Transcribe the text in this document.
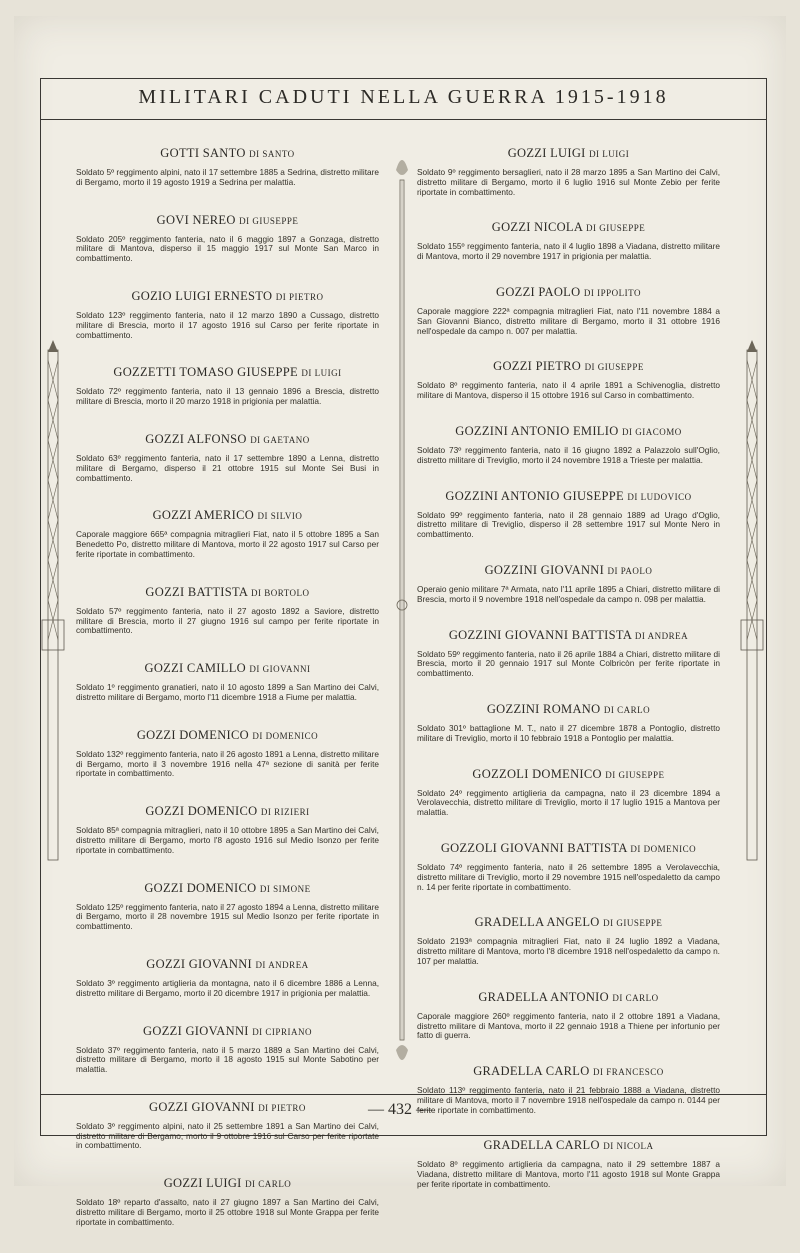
MILITARI CADUTI NELLA GUERRA 1915-1918
GOTTI SANTO DI SANTO

Soldato 5º reggimento alpini, nato il 17 settembre 1885 a Sedrina, distretto militare di Bergamo, morto il 19 agosto 1919 a Sedrina per malattia.

GOVI NEREO DI GIUSEPPE

Soldato 205º reggimento fanteria, nato il 6 maggio 1897 a Gonzaga, distretto militare di Mantova, disperso il 15 maggio 1917 sul Monte San Marco in combattimento.

GOZIO LUIGI ERNESTO DI PIETRO

Soldato 123º reggimento fanteria, nato il 12 marzo 1890 a Cussago, distretto militare di Brescia, morto il 17 agosto 1916 sul Carso per ferite riportate in combattimento.

GOZZETTI TOMASO GIUSEPPE DI LUIGI

Soldato 72º reggimento fanteria, nato il 13 gennaio 1896 a Brescia, distretto militare di Brescia, morto il 20 marzo 1918 in prigionia per malattia.

GOZZI ALFONSO DI GAETANO

Soldato 63º reggimento fanteria, nato il 17 settembre 1890 a Lenna, distretto militare di Bergamo, disperso il 21 ottobre 1915 sul Monte Sei Busi in combattimento.

GOZZI AMERICO DI SILVIO

Caporale maggiore 665ª compagnia mitraglieri Fiat, nato il 5 ottobre 1895 a San Benedetto Po, distretto militare di Mantova, morto il 22 agosto 1917 sul Carso per ferite riportate in combattimento.

GOZZI BATTISTA DI BORTOLO

Soldato 57º reggimento fanteria, nato il 27 agosto 1892 a Saviore, distretto militare di Brescia, morto il 27 giugno 1916 sul campo per ferite riportate in combattimento.

GOZZI CAMILLO DI GIOVANNI

Soldato 1º reggimento granatieri, nato il 10 agosto 1899 a San Martino dei Calvi, distretto militare di Bergamo, morto l'11 dicembre 1918 a Fiume per malattia.

GOZZI DOMENICO DI DOMENICO

Soldato 132º reggimento fanteria, nato il 26 agosto 1891 a Lenna, distretto militare di Bergamo, morto il 3 novembre 1916 nella 47ª sezione di sanità per ferite riportate in combattimento.

GOZZI DOMENICO DI RIZIERI

Soldato 85ª compagnia mitraglieri, nato il 10 ottobre 1895 a San Martino dei Calvi, distretto militare di Bergamo, morto l'8 agosto 1916 sul Medio Isonzo per ferite riportate in combattimento.

GOZZI DOMENICO DI SIMONE

Soldato 125º reggimento fanteria, nato il 27 agosto 1894 a Lenna, distretto militare di Bergamo, morto il 28 novembre 1915 sul Medio Isonzo per ferite riportate in combattimento.

GOZZI GIOVANNI DI ANDREA

Soldato 3º reggimento artiglieria da montagna, nato il 6 dicembre 1886 a Lenna, distretto militare di Bergamo, morto il 20 dicembre 1917 in prigionia per malattia.

GOZZI GIOVANNI DI CIPRIANO

Soldato 37º reggimento fanteria, nato il 5 marzo 1889 a San Martino dei Calvi, distretto militare di Bergamo, morto il 18 agosto 1915 sul Monte Sabotino per malattia.

GOZZI GIOVANNI DI PIETRO

Soldato 3º reggimento alpini, nato il 25 settembre 1891 a San Martino dei Calvi, distretto militare di Bergamo, morto il 9 ottobre 1916 sul Carso per ferite riportate in combattimento.

GOZZI LUIGI DI CARLO

Soldato 18º reparto d'assalto, nato il 27 giugno 1897 a San Martino dei Calvi, distretto militare di Bergamo, morto il 25 ottobre 1918 sul Monte Grappa per ferite riportate in combattimento.

GOZZI LUIGI DI LUIGI

Soldato 9º reggimento bersaglieri, nato il 28 marzo 1895 a San Martino dei Calvi, distretto militare di Bergamo, morto il 6 luglio 1916 sul Monte Zebio per ferite riportate in combattimento.

GOZZI NICOLA DI GIUSEPPE

Soldato 155º reggimento fanteria, nato il 4 luglio 1898 a Viadana, distretto militare di Mantova, morto il 29 novembre 1917 in prigionia per malattia.

GOZZI PAOLO DI IPPOLITO

Caporale maggiore 222ª compagnia mitraglieri Fiat, nato l'11 novembre 1884 a San Giovanni Bianco, distretto militare di Bergamo, morto il 31 ottobre 1916 nell'ospedale da campo n. 007 per malattia.

GOZZI PIETRO DI GIUSEPPE

Soldato 8º reggimento fanteria, nato il 4 aprile 1891 a Schivenoglia, distretto militare di Mantova, disperso il 15 ottobre 1916 sul Carso in combattimento.

GOZZINI ANTONIO EMILIO DI GIACOMO

Soldato 73º reggimento fanteria, nato il 16 giugno 1892 a Palazzolo sull'Oglio, distretto militare di Treviglio, morto il 24 novembre 1918 a Trieste per malattia.

GOZZINI ANTONIO GIUSEPPE DI LUDOVICO

Soldato 99º reggimento fanteria, nato il 28 gennaio 1889 ad Urago d'Oglio, distretto militare di Treviglio, disperso il 28 settembre 1917 sul Monte Nero in combattimento.

GOZZINI GIOVANNI DI PAOLO

Operaio genio militare 7ª Armata, nato l'11 aprile 1895 a Chiari, distretto militare di Brescia, morto il 9 novembre 1918 nell'ospedale da campo n. 098 per malattia.

GOZZINI GIOVANNI BATTISTA DI ANDREA

Soldato 59º reggimento fanteria, nato il 26 aprile 1884 a Chiari, distretto militare di Brescia, morto il 20 gennaio 1917 sul Monte Colbricòn per ferite riportate in combattimento.

GOZZINI ROMANO DI CARLO

Soldato 301º battaglione M. T., nato il 27 dicembre 1878 a Pontoglio, distretto militare di Treviglio, morto il 10 febbraio 1918 a Pontoglio per malattia.

GOZZOLI DOMENICO DI GIUSEPPE

Soldato 24º reggimento artiglieria da campagna, nato il 23 dicembre 1894 a Verolavecchia, distretto militare di Treviglio, morto il 17 luglio 1915 a Mantova per malattia.

GOZZOLI GIOVANNI BATTISTA DI DOMENICO

Soldato 74º reggimento fanteria, nato il 26 settembre 1895 a Verolavecchia, distretto militare di Treviglio, morto il 29 novembre 1915 nell'ospedaletto da campo n. 14 per ferite riportate in combattimento.

GRADELLA ANGELO DI GIUSEPPE

Soldato 2193ª compagnia mitraglieri Fiat, nato il 24 luglio 1892 a Viadana, distretto militare di Mantova, morto l'8 dicembre 1918 nell'ospedaletto da campo n. 107 per malattia.

GRADELLA ANTONIO DI CARLO

Caporale maggiore 260º reggimento fanteria, nato il 2 ottobre 1891 a Viadana, distretto militare di Mantova, morto il 22 gennaio 1918 a Thiene per infortunio per fatto di guerra.

GRADELLA CARLO DI FRANCESCO

Soldato 113º reggimento fanteria, nato il 21 febbraio 1888 a Viadana, distretto militare di Mantova, morto il 7 novembre 1918 nell'ospedale da campo n. 0144 per ferite riportate in combattimento.

GRADELLA CARLO DI NICOLA

Soldato 8º reggimento artiglieria da campagna, nato il 29 settembre 1887 a Viadana, distretto militare di Mantova, morto l'11 agosto 1918 sul Monte Grappa per ferite riportate in combattimento.

— 432 —
